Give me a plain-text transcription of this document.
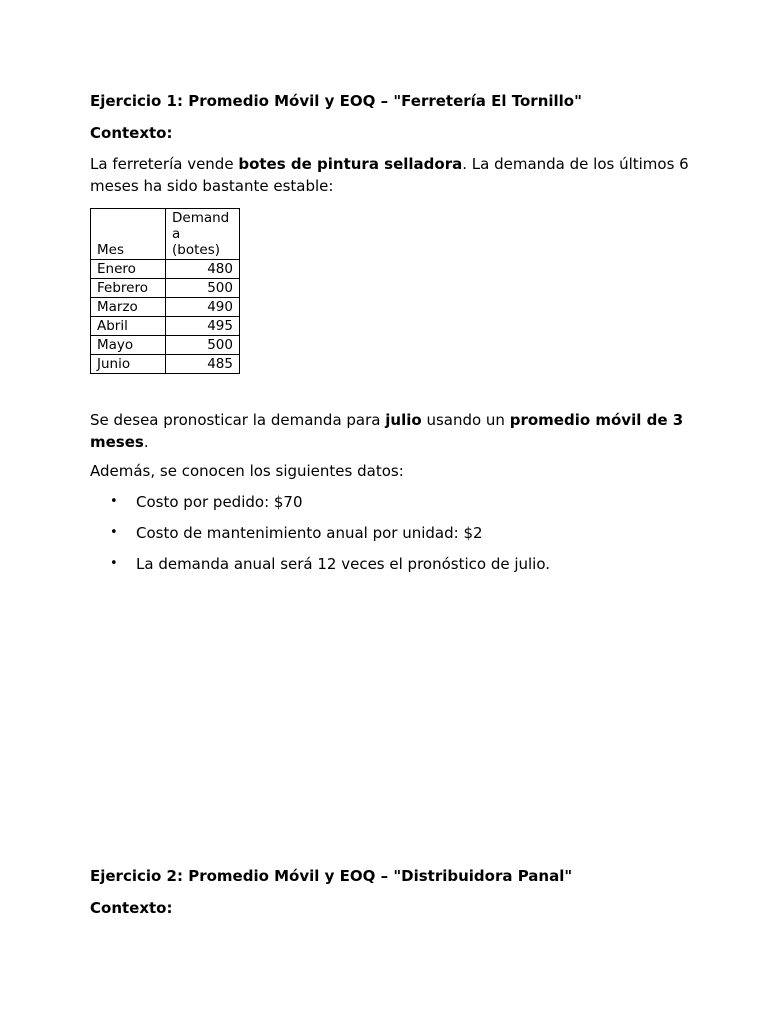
Ejercicio 1: Promedio Móvil y EOQ – "Ferretería El Tornillo"
Contexto:
La ferretería vende botes de pintura selladora. La demanda de los últimos 6 meses ha sido bastante estable:
Mes	Demand
a
(botes)
Enero	480
Febrero	500
Marzo	490
Abril	495
Mayo	500
Junio	485
Se desea pronosticar la demanda para julio usando un promedio móvil de 3 meses.
Además, se conocen los siguientes datos:
• Costo por pedido: $70
• Costo de mantenimiento anual por unidad: $2
• La demanda anual será 12 veces el pronóstico de julio.
Ejercicio 2: Promedio Móvil y EOQ – "Distribuidora Panal"
Contexto:
